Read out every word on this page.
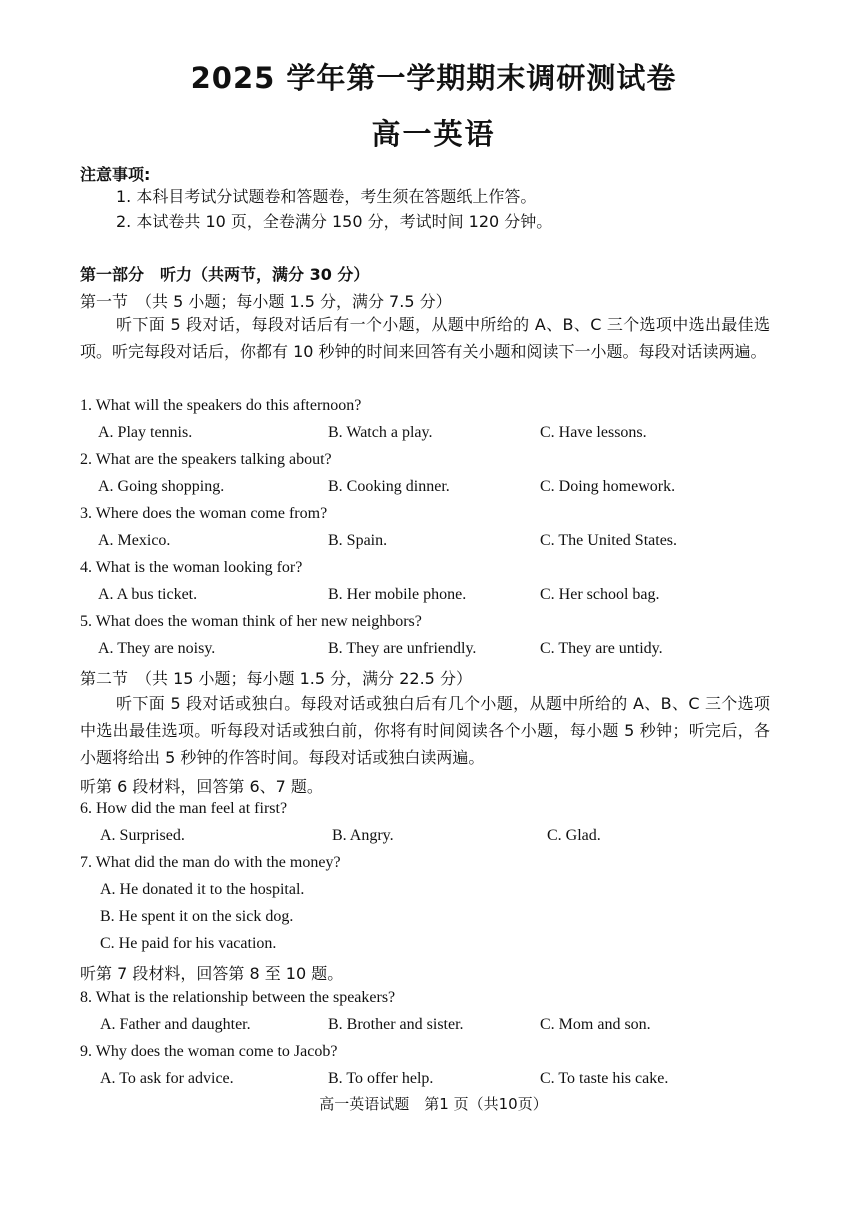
2025 学年第一学期期末调研测试卷
高一英语
注意事项:
1. 本科目考试分试题卷和答题卷，考生须在答题纸上作答。
2. 本试卷共 10 页，全卷满分 150 分，考试时间 120 分钟。
第一部分　听力（共两节，满分 30 分）
第一节　（共 5 小题；每小题 1.5 分，满分 7.5 分）
听下面 5 段对话，每段对话后有一个小题，从题中所给的 A、B、C 三个选项中选出最佳选项。听完每段对话后，你都有 10 秒钟的时间来回答有关小题和阅读下一小题。每段对话读两遍。
1. What will the speakers do this afternoon?
A. Play tennis.	B. Watch a play.	C. Have lessons.
2. What are the speakers talking about?
A. Going shopping.	B. Cooking dinner.	C. Doing homework.
3. Where does the woman come from?
A. Mexico.	B. Spain.	C. The United States.
4. What is the woman looking for?
A. A bus ticket.	B. Her mobile phone.	C. Her school bag.
5. What does the woman think of her new neighbors?
A. They are noisy.	B. They are unfriendly.	C. They are untidy.
第二节　（共 15 小题；每小题 1.5 分，满分 22.5 分）
听下面 5 段对话或独白。每段对话或独白后有几个小题，从题中所给的 A、B、C 三个选项中选出最佳选项。听每段对话或独白前，你将有时间阅读各个小题，每小题 5 秒钟；听完后，各小题将给出 5 秒钟的作答时间。每段对话或独白读两遍。
听第 6 段材料，回答第 6、7 题。
6. How did the man feel at first?
A. Surprised.	B. Angry.	C. Glad.
7. What did the man do with the money?
A. He donated it to the hospital.
B. He spent it on the sick dog.
C. He paid for his vacation.
听第 7 段材料，回答第 8 至 10 题。
8. What is the relationship between the speakers?
A. Father and daughter.	B. Brother and sister.	C. Mom and son.
9. Why does the woman come to Jacob?
A. To ask for advice.	B. To offer help.	C. To taste his cake.
高一英语试题　第1 页（共10页）
